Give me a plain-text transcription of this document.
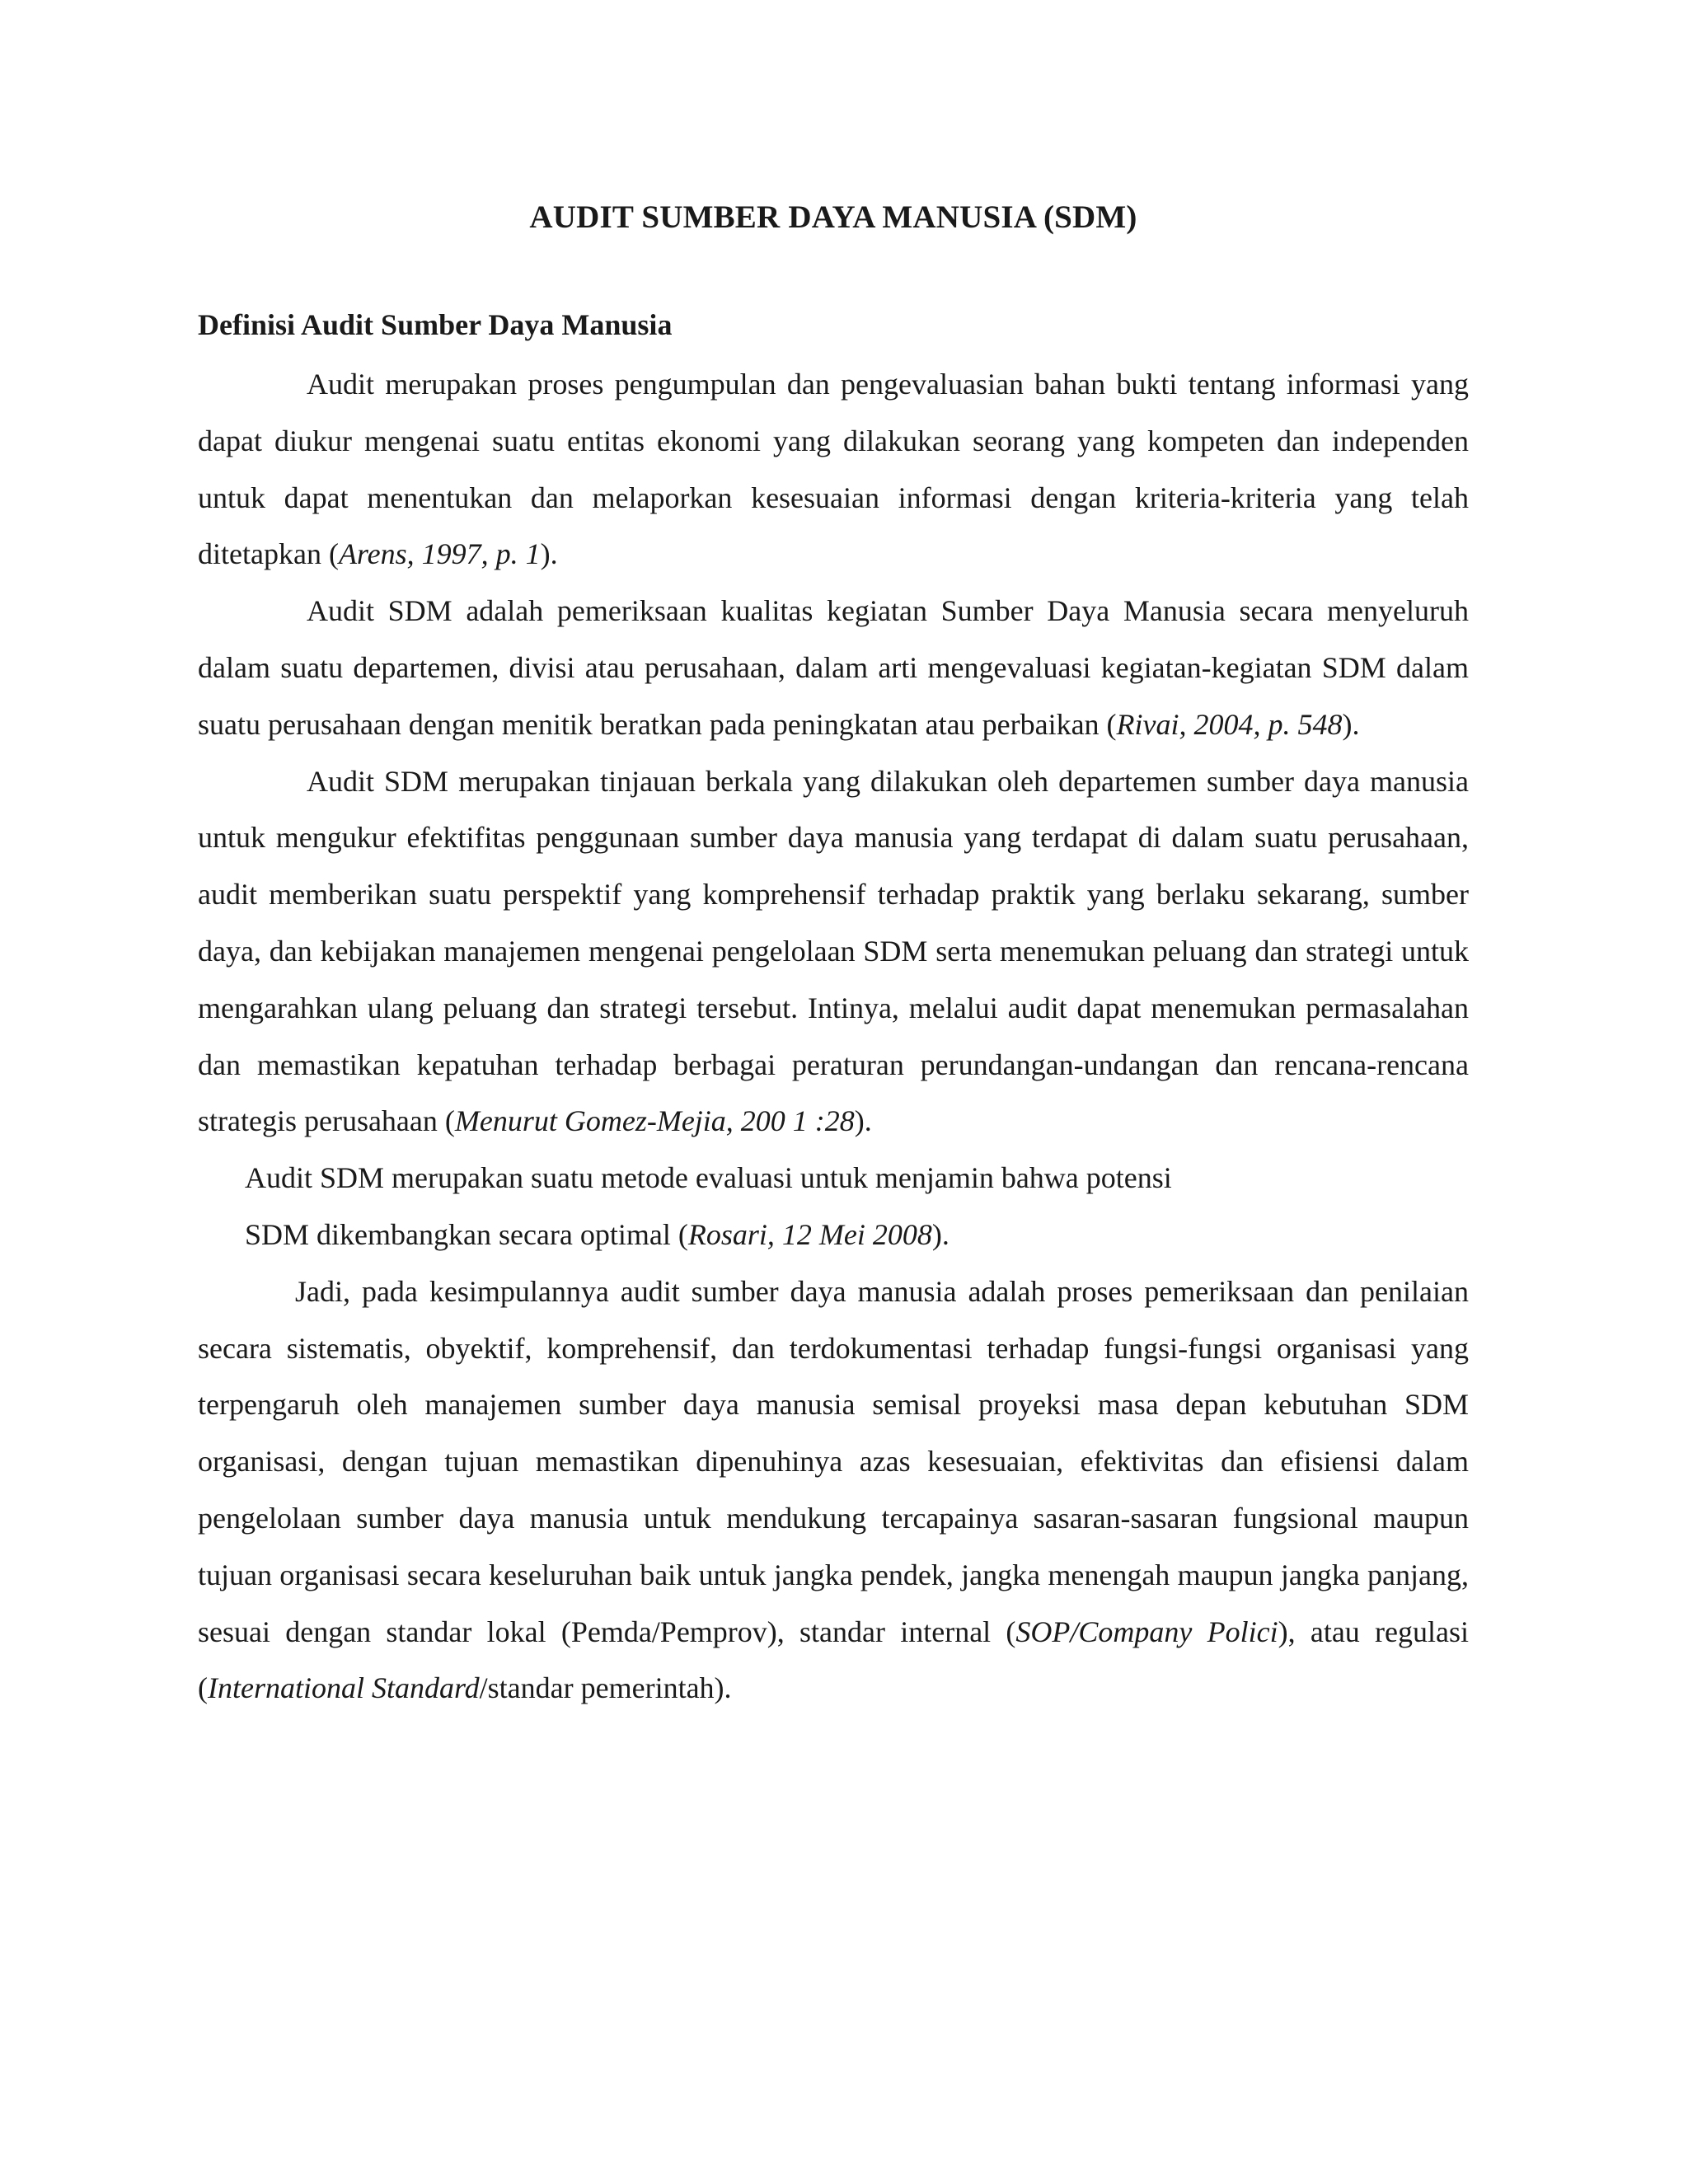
AUDIT SUMBER DAYA MANUSIA (SDM)
Definisi Audit Sumber Daya Manusia

Audit merupakan proses pengumpulan dan pengevaluasian bahan bukti tentang informasi yang dapat diukur mengenai suatu entitas ekonomi yang dilakukan seorang yang kompeten dan independen untuk dapat menentukan dan melaporkan kesesuaian informasi dengan kriteria-kriteria yang telah ditetapkan (Arens, 1997, p. 1).

Audit SDM adalah pemeriksaan kualitas kegiatan Sumber Daya Manusia secara menyeluruh dalam suatu departemen, divisi atau perusahaan, dalam arti mengevaluasi kegiatan-kegiatan SDM dalam suatu perusahaan dengan menitik beratkan pada peningkatan atau perbaikan (Rivai, 2004, p. 548).

Audit SDM merupakan tinjauan berkala yang dilakukan oleh departemen sumber daya manusia untuk mengukur efektifitas penggunaan sumber daya manusia yang terdapat di dalam suatu perusahaan, audit memberikan suatu perspektif yang komprehensif terhadap praktik yang berlaku sekarang, sumber daya, dan kebijakan manajemen mengenai pengelolaan SDM serta menemukan peluang dan strategi untuk mengarahkan ulang peluang dan strategi tersebut. Intinya, melalui audit dapat menemukan permasalahan dan memastikan kepatuhan terhadap berbagai peraturan perundangan-undangan dan rencana-rencana strategis perusahaan (Menurut Gomez-Mejia, 200 1 :28).

Audit SDM merupakan suatu metode evaluasi untuk menjamin bahwa potensi

SDM dikembangkan secara optimal (Rosari, 12 Mei 2008).

Jadi, pada kesimpulannya audit sumber daya manusia adalah proses pemeriksaan dan penilaian secara sistematis, obyektif, komprehensif, dan terdokumentasi terhadap fungsi-fungsi organisasi yang terpengaruh oleh manajemen sumber daya manusia semisal proyeksi masa depan kebutuhan SDM organisasi, dengan tujuan memastikan dipenuhinya azas kesesuaian, efektivitas dan efisiensi dalam pengelolaan sumber daya manusia untuk mendukung tercapainya sasaran-sasaran fungsional maupun tujuan organisasi secara keseluruhan baik untuk jangka pendek, jangka menengah maupun jangka panjang, sesuai dengan standar lokal (Pemda/Pemprov), standar internal (SOP/Company Polici), atau regulasi (International Standard/standar pemerintah).
